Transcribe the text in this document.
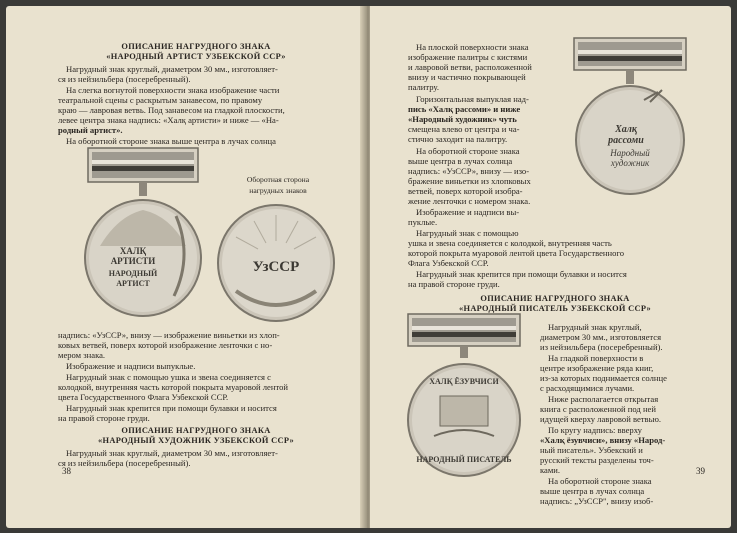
ОПИСАНИЕ НАГРУДНОГО ЗНАКА
«НАРОДНЫЙ АРТИСТ УЗБЕКСКОЙ ССР»
Нагрудный знак круглый, диаметром 30 мм., изготовляет-
ся из нейзильбера (посеребренный).
На слегка вогнутой поверхности знака изображение части
театральной сцены с раскрытым занавесом, по правому
краю — лавровая ветвь. Под занавесом на гладкой плоскости,
левее центра знака надпись: «Халқ артисти» и ниже — «На-
родный артист».
На оборотной стороне знака выше центра в лучах солнца
ХАЛҚ
АРТИСТИ
НАРОДНЫЙ
АРТИСТ
Оборотная сторона
нагрудных знаков
УзССР
надпись: «УзССР», внизу — изображение виньетки из хлоп-
ковых ветвей, поверх которой изображение ленточки с но-
мером знака.
Изображение и надписи выпуклые.
Нагрудный знак с помощью ушка и звена соединяется с
колодкой, внутренняя часть которой покрыта муаровой лентой
цвета Государственного Флага Узбекской ССР.
Нагрудный знак крепится при помощи булавки и носится
на правой стороне груди.
ОПИСАНИЕ НАГРУДНОГО ЗНАКА
«НАРОДНЫЙ ХУДОЖНИК УЗБЕКСКОЙ ССР»
Нагрудный знак круглый, диаметром 30 мм., изготовляет-
ся из нейзильбера (посеребренный).
38
На плоской поверхности знака
изображение палитры с кистями
и лавровой ветви, расположенной
внизу и частично покрывающей
палитру.
Горизонтальная выпуклая над-
пись «Халқ рассоми» и ниже
«Народный художник» чуть
смещена влево от центра и ча-
стично заходит на палитру.
На оборотной стороне знака
выше центра в лучах солнца
надпись: «УзССР», внизу — изо-
бражение виньетки из хлопковых
ветвей, поверх которой изобра-
жение ленточки с номером знака.
Изображение и надписи вы-
пуклые.
Нагрудный знак с помощью
ушка и звена соединяется с колодкой, внутренняя часть
которой покрыта муаровой лентой цвета Государственного
Флага Узбекской ССР.
Нагрудный знак крепится при помощи булавки и носится
на правой стороне груди.
Халқ
рассоми
Народный
художник
ОПИСАНИЕ НАГРУДНОГО ЗНАКА
«НАРОДНЫЙ ПИСАТЕЛЬ УЗБЕКСКОЙ ССР»
ХАЛҚ ЁЗУВЧИСИ
НАРОДНЫЙ ПИСАТЕЛЬ
Нагрудный знак круглый,
диаметром 30 мм., изготовляется
из нейзильбера (посеребренный).
На гладкой поверхности в
центре изображение ряда книг,
из-за которых поднимается солнце
с расходящимися лучами.
Ниже располагается открытая
книга с расположенной под ней
идущей кверху лавровой ветвью.
По кругу надпись: вверху
«Халқ ёзувчиси», внизу «Народ-
ный писатель». Узбекский и
русский тексты разделены точ-
ками.
На оборотной стороне знака
выше центра в лучах солнца
надпись: „УзССР", внизу изоб-
39
